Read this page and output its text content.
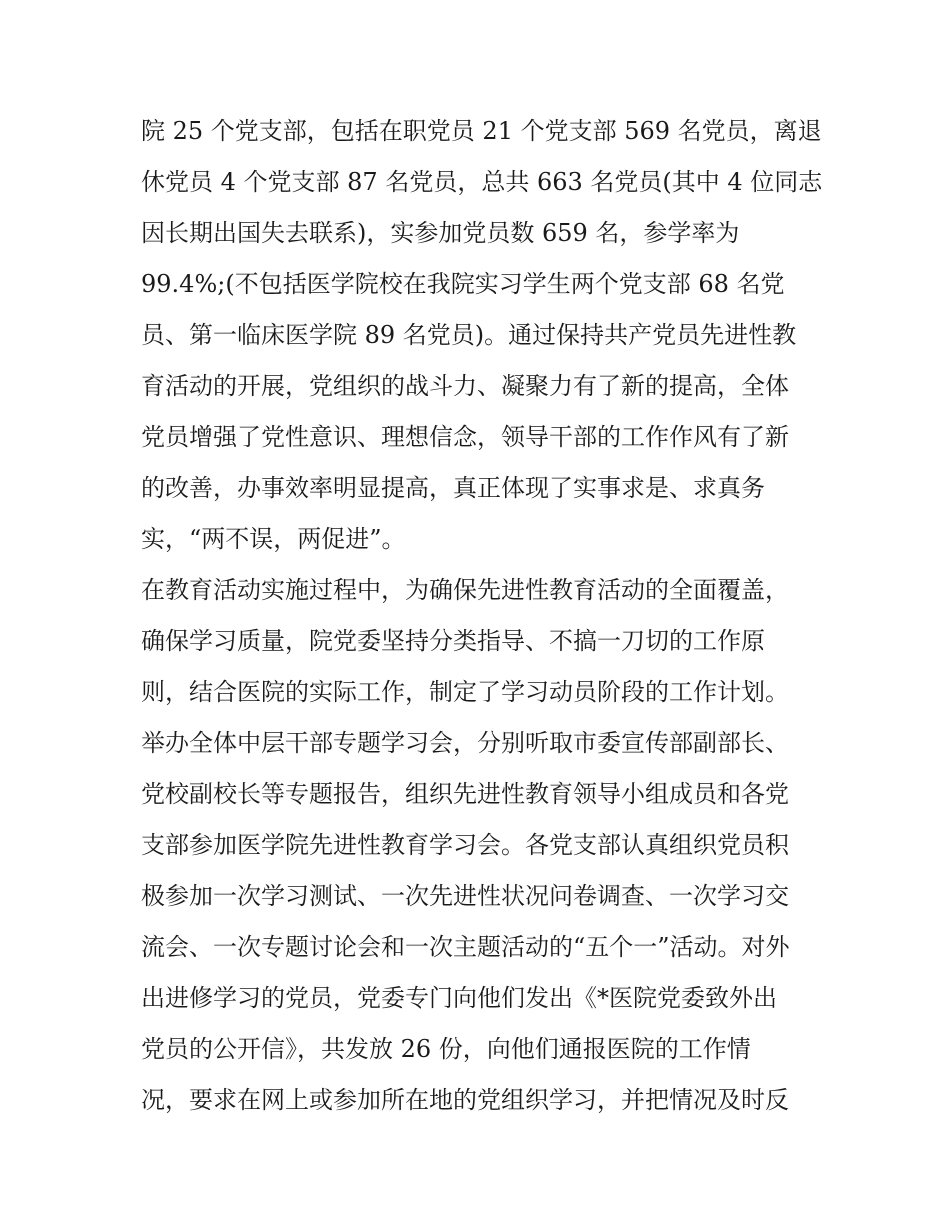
院 25 个党支部，包括在职党员 21 个党支部 569 名党员，离退
休党员 4 个党支部 87 名党员，总共 663 名党员(其中 4 位同志
因长期出国失去联系)，实参加党员数 659 名，参学率为
99.4%;(不包括医学院校在我院实习学生两个党支部 68 名党
员、第一临床医学院 89 名党员)。通过保持共产党员先进性教
育活动的开展，党组织的战斗力、凝聚力有了新的提高，全体
党员增强了党性意识、理想信念，领导干部的工作作风有了新
的改善，办事效率明显提高，真正体现了实事求是、求真务
实，“两不误，两促进”。
在教育活动实施过程中，为确保先进性教育活动的全面覆盖，
确保学习质量，院党委坚持分类指导、不搞一刀切的工作原
则，结合医院的实际工作，制定了学习动员阶段的工作计划。
举办全体中层干部专题学习会，分别听取市委宣传部副部长、
党校副校长等专题报告，组织先进性教育领导小组成员和各党
支部参加医学院先进性教育学习会。各党支部认真组织党员积
极参加一次学习测试、一次先进性状况问卷调查、一次学习交
流会、一次专题讨论会和一次主题活动的“五个一”活动。对外
出进修学习的党员，党委专门向他们发出《*医院党委致外出
党员的公开信》，共发放 26 份，向他们通报医院的工作情
况，要求在网上或参加所在地的党组织学习，并把情况及时反
